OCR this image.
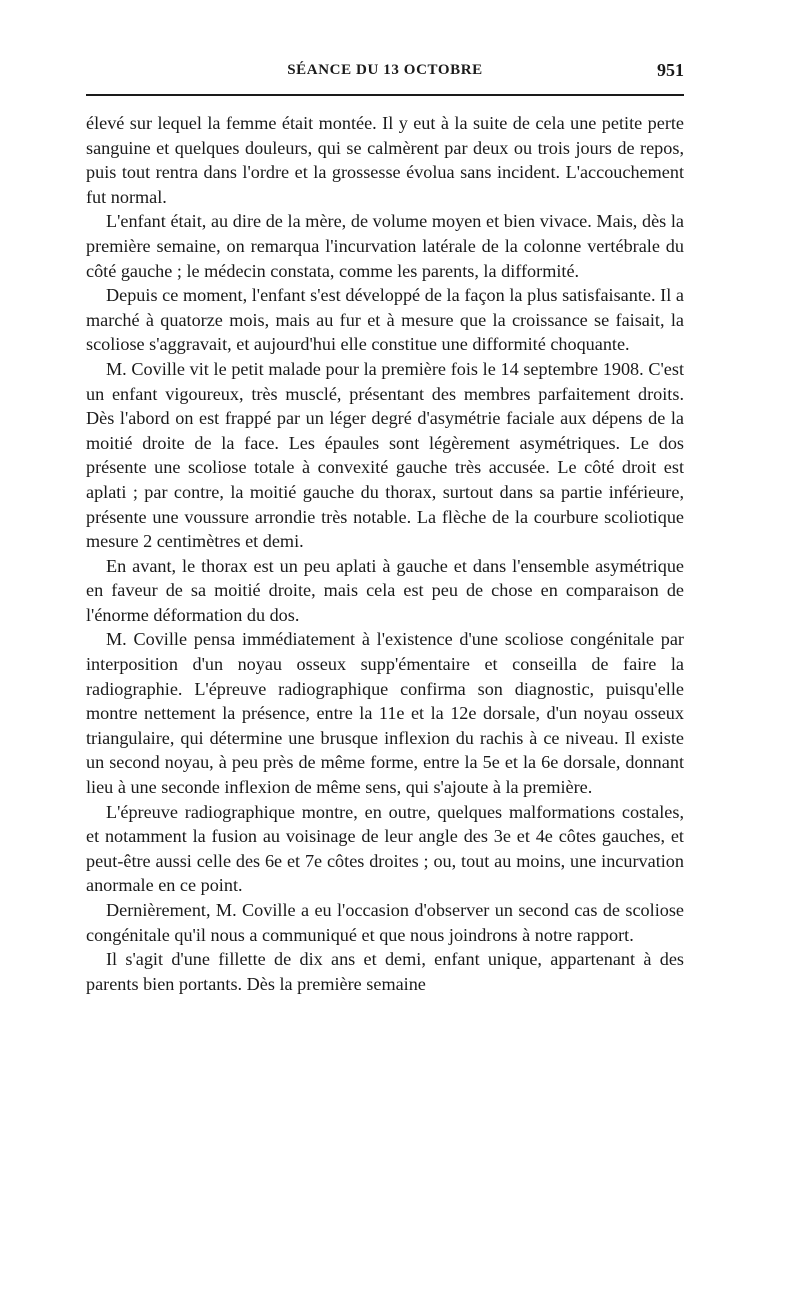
SÉANCE DU 13 OCTOBRE	951

élevé sur lequel la femme était montée. Il y eut à la suite de cela une petite perte sanguine et quelques douleurs, qui se calmèrent par deux ou trois jours de repos, puis tout rentra dans l'ordre et la grossesse évolua sans incident. L'accouchement fut normal.

L'enfant était, au dire de la mère, de volume moyen et bien vivace. Mais, dès la première semaine, on remarqua l'incurvation latérale de la colonne vertébrale du côté gauche ; le médecin constata, comme les parents, la difformité.

Depuis ce moment, l'enfant s'est développé de la façon la plus satisfaisante. Il a marché à quatorze mois, mais au fur et à mesure que la croissance se faisait, la scoliose s'aggravait, et aujourd'hui elle constitue une difformité choquante.

M. Coville vit le petit malade pour la première fois le 14 septembre 1908. C'est un enfant vigoureux, très musclé, présentant des membres parfaitement droits. Dès l'abord on est frappé par un léger degré d'asymétrie faciale aux dépens de la moitié droite de la face. Les épaules sont légèrement asymétriques. Le dos présente une scoliose totale à convexité gauche très accusée. Le côté droit est aplati ; par contre, la moitié gauche du thorax, surtout dans sa partie inférieure, présente une voussure arrondie très notable. La flèche de la courbure scoliotique mesure 2 centimètres et demi.

En avant, le thorax est un peu aplati à gauche et dans l'ensemble asymétrique en faveur de sa moitié droite, mais cela est peu de chose en comparaison de l'énorme déformation du dos.

M. Coville pensa immédiatement à l'existence d'une scoliose congénitale par interposition d'un noyau osseux supp'émentaire et conseilla de faire la radiographie. L'épreuve radiographique confirma son diagnostic, puisqu'elle montre nettement la présence, entre la 11e et la 12e dorsale, d'un noyau osseux triangulaire, qui détermine une brusque inflexion du rachis à ce niveau. Il existe un second noyau, à peu près de même forme, entre la 5e et la 6e dorsale, donnant lieu à une seconde inflexion de même sens, qui s'ajoute à la première.

L'épreuve radiographique montre, en outre, quelques malformations costales, et notamment la fusion au voisinage de leur angle des 3e et 4e côtes gauches, et peut-être aussi celle des 6e et 7e côtes droites ; ou, tout au moins, une incurvation anormale en ce point.

Dernièrement, M. Coville a eu l'occasion d'observer un second cas de scoliose congénitale qu'il nous a communiqué et que nous joindrons à notre rapport.

Il s'agit d'une fillette de dix ans et demi, enfant unique, appartenant à des parents bien portants. Dès la première semaine
